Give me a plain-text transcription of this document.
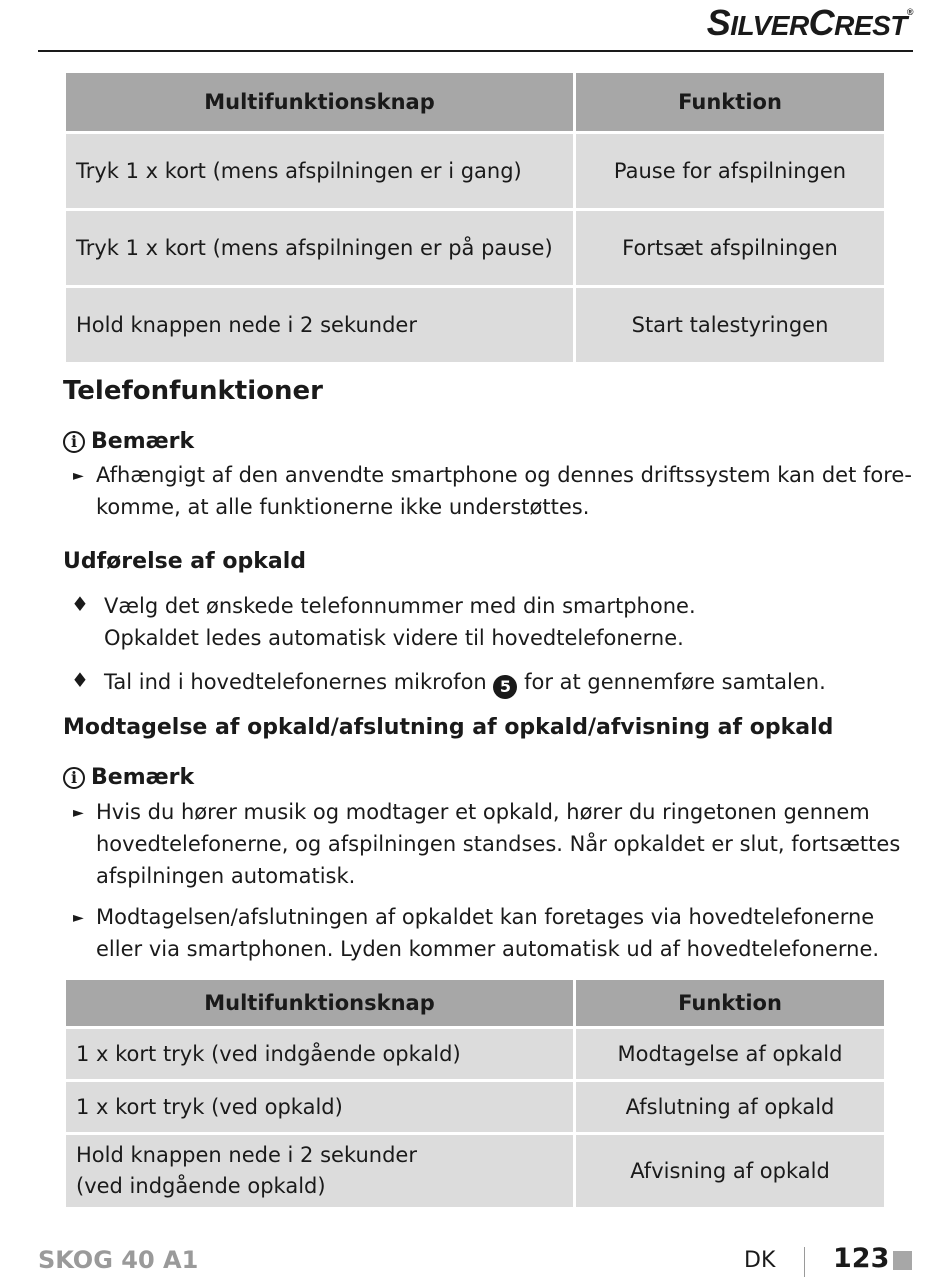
SILVERCREST®
Multifunktionsknap	Funktion
Tryk 1 x kort (mens afspilningen er i gang)	Pause for afspilningen
Tryk 1 x kort (mens afspilningen er på pause)	Fortsæt afspilningen
Hold knappen nede i 2 sekunder	Start talestyringen
Telefonfunktioner
i Bemærk
► Afhængigt af den anvendte smartphone og dennes driftssystem kan det fore-
komme, at alle funktionerne ikke understøttes.
Udførelse af opkald
♦ Vælg det ønskede telefonnummer med din smartphone.
Opkaldet ledes automatisk videre til hovedtelefonerne.
♦ Tal ind i hovedtelefonernes mikrofon 5 for at gennemføre samtalen.
Modtagelse af opkald/afslutning af opkald/afvisning af opkald
i Bemærk
► Hvis du hører musik og modtager et opkald, hører du ringetonen gennem
hovedtelefonerne, og afspilningen standses. Når opkaldet er slut, fortsættes
afspilningen automatisk.
► Modtagelsen/afslutningen af opkaldet kan foretages via hovedtelefonerne
eller via smartphonen. Lyden kommer automatisk ud af hovedtelefonerne.
Multifunktionsknap	Funktion

1 x kort tryk (ved indgående opkald)	Modtagelse af opkald

1 x kort tryk (ved opkald)	Afslutning af opkald

Hold knappen nede i 2 sekunder
(ved indgående opkald)	Afvisning af opkald
SKOG 40 A1	DK 123
